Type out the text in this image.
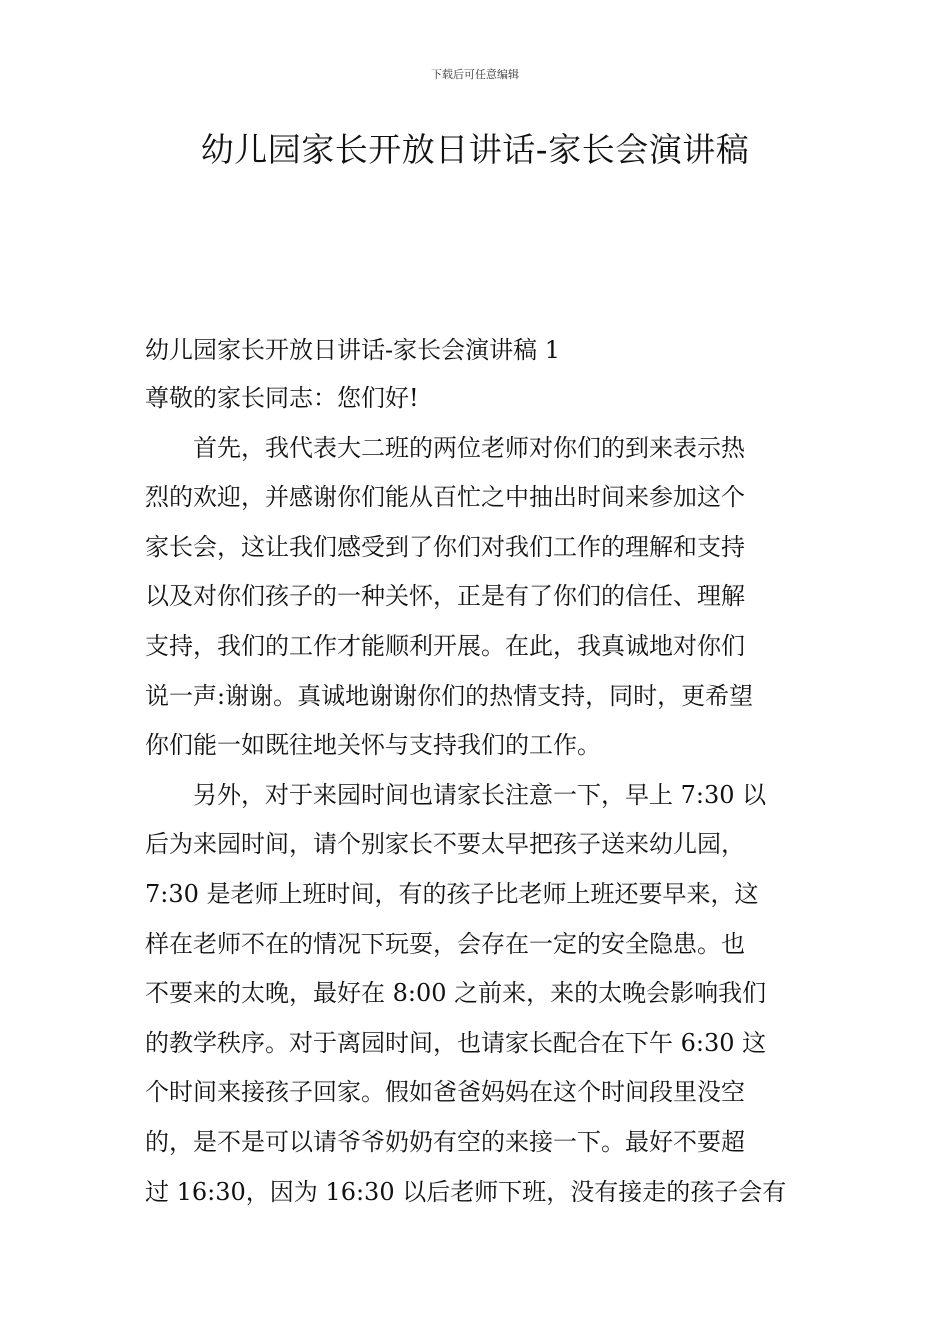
下载后可任意编辑
幼儿园家长开放日讲话-家长会演讲稿

幼儿园家长开放日讲话-家长会演讲稿 1

尊敬的家长同志：您们好!

首先，我代表大二班的两位老师对你们的到来表示热
烈的欢迎，并感谢你们能从百忙之中抽出时间来参加这个
家长会，这让我们感受到了你们对我们工作的理解和支持
以及对你们孩子的一种关怀，正是有了你们的信任、理解
支持，我们的工作才能顺利开展。在此，我真诚地对你们
说一声:谢谢。真诚地谢谢你们的热情支持，同时，更希望
你们能一如既往地关怀与支持我们的工作。

另外，对于来园时间也请家长注意一下，早上 7:30 以
后为来园时间，请个别家长不要太早把孩子送来幼儿园，
7:30 是老师上班时间，有的孩子比老师上班还要早来，这
样在老师不在的情况下玩耍，会存在一定的安全隐患。也
不要来的太晚，最好在 8:00 之前来，来的太晚会影响我们
的教学秩序。对于离园时间，也请家长配合在下午 6:30 这
个时间来接孩子回家。假如爸爸妈妈在这个时间段里没空
的，是不是可以请爷爷奶奶有空的来接一下。最好不要超
过 16:30，因为 16:30 以后老师下班，没有接走的孩子会有
